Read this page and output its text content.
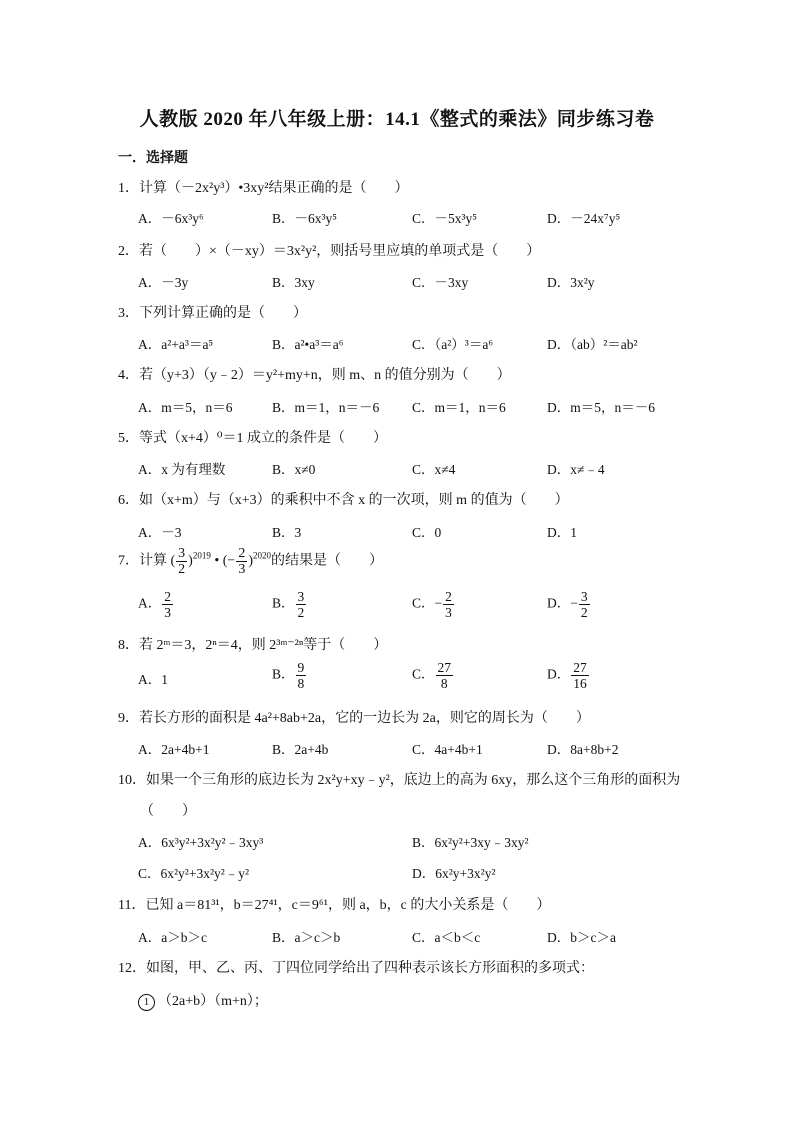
人教版 2020 年八年级上册：14.1《整式的乘法》同步练习卷
一．选择题
1．计算（－2x²y³）•3xy²结果正确的是（　　）
A．－6x³y⁶	B．－6x³y⁵	C．－5x³y⁵	D．－24x⁷y⁵
2．若（　　）×（－xy）＝3x²y²，则括号里应填的单项式是（　　）
A．－3y	B．3xy	C．－3xy	D．3x²y
3．下列计算正确的是（　　）
A．a²+a³＝a⁵	B．a²•a³＝a⁶	C．（a²）³＝a⁶	D．（ab）²＝ab²
4．若（y+3）（y﹣2）＝y²+my+n，则 m、n 的值分别为（　　）
A．m＝5，n＝6	B．m＝1，n＝－6 C．m＝1，n＝6	D．m＝5，n＝－6
5．等式（x+4）⁰＝1 成立的条件是（　　）
A．x 为有理数	B．x≠0	C．x≠4	D．x≠﹣4
6．如（x+m）与（x+3）的乘积中不含 x 的一次项，则 m 的值为（　　）
A．－3	B．3	C．0	D．1
7．计算 ( $\frac{3}{2} )^{2019}$ • (− $\frac{2}{3} )^{2020}$的结果是（　　）
A． $\frac{2}{3}$	B． $\frac{3}{2}$	C．− $\frac{2}{3}$	D．− $\frac{3}{2}$
8．若 2ᵐ＝3，2ⁿ＝4，则 2³ᵐ⁻²ⁿ等于（　　）
A．1	B． $\frac{9}{8}$	C． $\frac{27}{8}$	D． $\frac{27}{16}$
9．若长方形的面积是 4a²+8ab+2a，它的一边长为 2a，则它的周长为（　　）
A．2a+4b+1	B．2a+4b	C．4a+4b+1	D．8a+8b+2
10．如果一个三角形的底边长为 2x²y+xy﹣y²，底边上的高为 6xy，那么这个三角形的面积为
（　　）
A．6x³y²+3x²y²﹣3xy³	B．6x²y²+3xy﹣3xy²
C．6x²y²+3x²y²﹣y²	D．6x²y+3x²y²
11．已知 a＝81³¹，b＝27⁴¹，c＝9⁶¹，则 a，b，c 的大小关系是（　　）
A．a＞b＞c	B．a＞c＞b	C．a＜b＜c	D．b＞c＞a
12．如图，甲、乙、丙、丁四位同学给出了四种表示该长方形面积的多项式：
1 （2a+b）（m+n）；
